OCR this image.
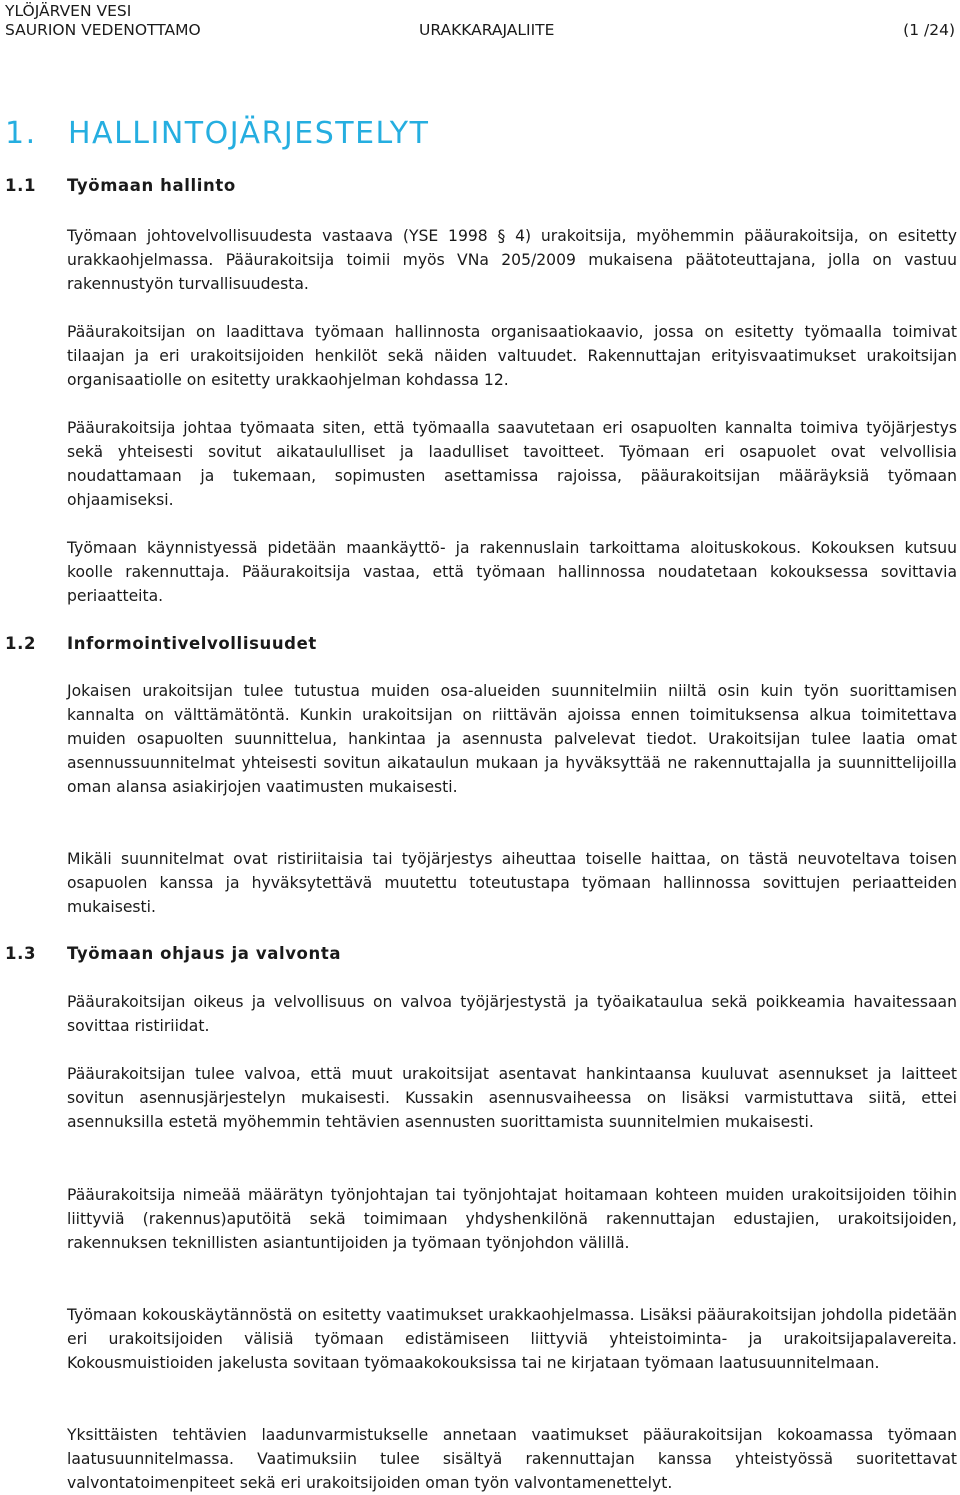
YLÖJÄRVEN VESI
SAURION VEDENOTTAMO	URAKKARAJALIITE	(1 /24)
1. HALLINTOJÄRJESTELYT
1.1 Työmaan hallinto

Työmaan johtovelvollisuudesta vastaava (YSE 1998 § 4) urakoitsija, myöhemmin pääurakoitsija, on esitetty urakkaohjelmassa. Pääurakoitsija toimii myös VNa 205/2009 mukaisena päätoteuttajana, jolla on vastuu rakennustyön turvallisuudesta.

Pääurakoitsijan on laadittava työmaan hallinnosta organisaatiokaavio, jossa on esitetty työmaalla toimivat tilaajan ja eri urakoitsijoiden henkilöt sekä näiden valtuudet. Rakennuttajan erityisvaatimukset urakoitsijan organisaatiolle on esitetty urakkaohjelman kohdassa 12.

Pääurakoitsija johtaa työmaata siten, että työmaalla saavutetaan eri osapuolten kannalta toimiva työjärjestys sekä yhteisesti sovitut aikataululliset ja laadulliset tavoitteet. Työmaan eri osapuolet ovat velvollisia noudattamaan ja tukemaan, sopimusten asettamissa rajoissa, pääurakoitsijan määräyksiä työmaan ohjaamiseksi.

Työmaan käynnistyessä pidetään maankäyttö- ja rakennuslain tarkoittama aloituskokous. Kokouksen kutsuu koolle rakennuttaja. Pääurakoitsija vastaa, että työmaan hallinnossa noudatetaan kokouksessa sovittavia periaatteita.

1.2 Informointivelvollisuudet

Jokaisen urakoitsijan tulee tutustua muiden osa-alueiden suunnitelmiin niiltä osin kuin työn suorittamisen kannalta on välttämätöntä. Kunkin urakoitsijan on riittävän ajoissa ennen toimituksensa alkua toimitettava muiden osapuolten suunnittelua, hankintaa ja asennusta palvelevat tiedot. Urakoitsijan tulee laatia omat asennussuunnitelmat yhteisesti sovitun aikataulun mukaan ja hyväksyttää ne rakennuttajalla ja suunnittelijoilla oman alansa asiakirjojen vaatimusten mukaisesti.

Mikäli suunnitelmat ovat ristiriitaisia tai työjärjestys aiheuttaa toiselle haittaa, on tästä neuvoteltava toisen osapuolen kanssa ja hyväksytettävä muutettu toteutustapa työmaan hallinnossa sovittujen periaatteiden mukaisesti.

1.3 Työmaan ohjaus ja valvonta

Pääurakoitsijan oikeus ja velvollisuus on valvoa työjärjestystä ja työaikataulua sekä poikkeamia havaitessaan sovittaa ristiriidat.

Pääurakoitsijan tulee valvoa, että muut urakoitsijat asentavat hankintaansa kuuluvat asennukset ja laitteet sovitun asennusjärjestelyn mukaisesti. Kussakin asennusvaiheessa on lisäksi varmistuttava siitä, ettei asennuksilla estetä myöhemmin tehtävien asennusten suorittamista suunnitelmien mukaisesti.

Pääurakoitsija nimeää määrätyn työnjohtajan tai työnjohtajat hoitamaan kohteen muiden urakoitsijoiden töihin liittyviä (rakennus)aputöitä sekä toimimaan yhdyshenkilönä rakennuttajan edustajien, urakoitsijoiden, rakennuksen teknillisten asiantuntijoiden ja työmaan työnjohdon välillä.

Työmaan kokouskäytännöstä on esitetty vaatimukset urakkaohjelmassa. Lisäksi pääurakoitsijan johdolla pidetään eri urakoitsijoiden välisiä työmaan edistämiseen liittyviä yhteistoiminta- ja urakoitsijapalavereita. Kokousmuistioiden jakelusta sovitaan työmaakokouksissa tai ne kirjataan työmaan laatusuunnitelmaan.

Yksittäisten tehtävien laadunvarmistukselle annetaan vaatimukset pääurakoitsijan kokoamassa työmaan laatusuunnitelmassa. Vaatimuksiin tulee sisältyä rakennuttajan kanssa yhteistyössä suoritettavat valvontatoimenpiteet sekä eri urakoitsijoiden oman työn valvontamenettelyt.
